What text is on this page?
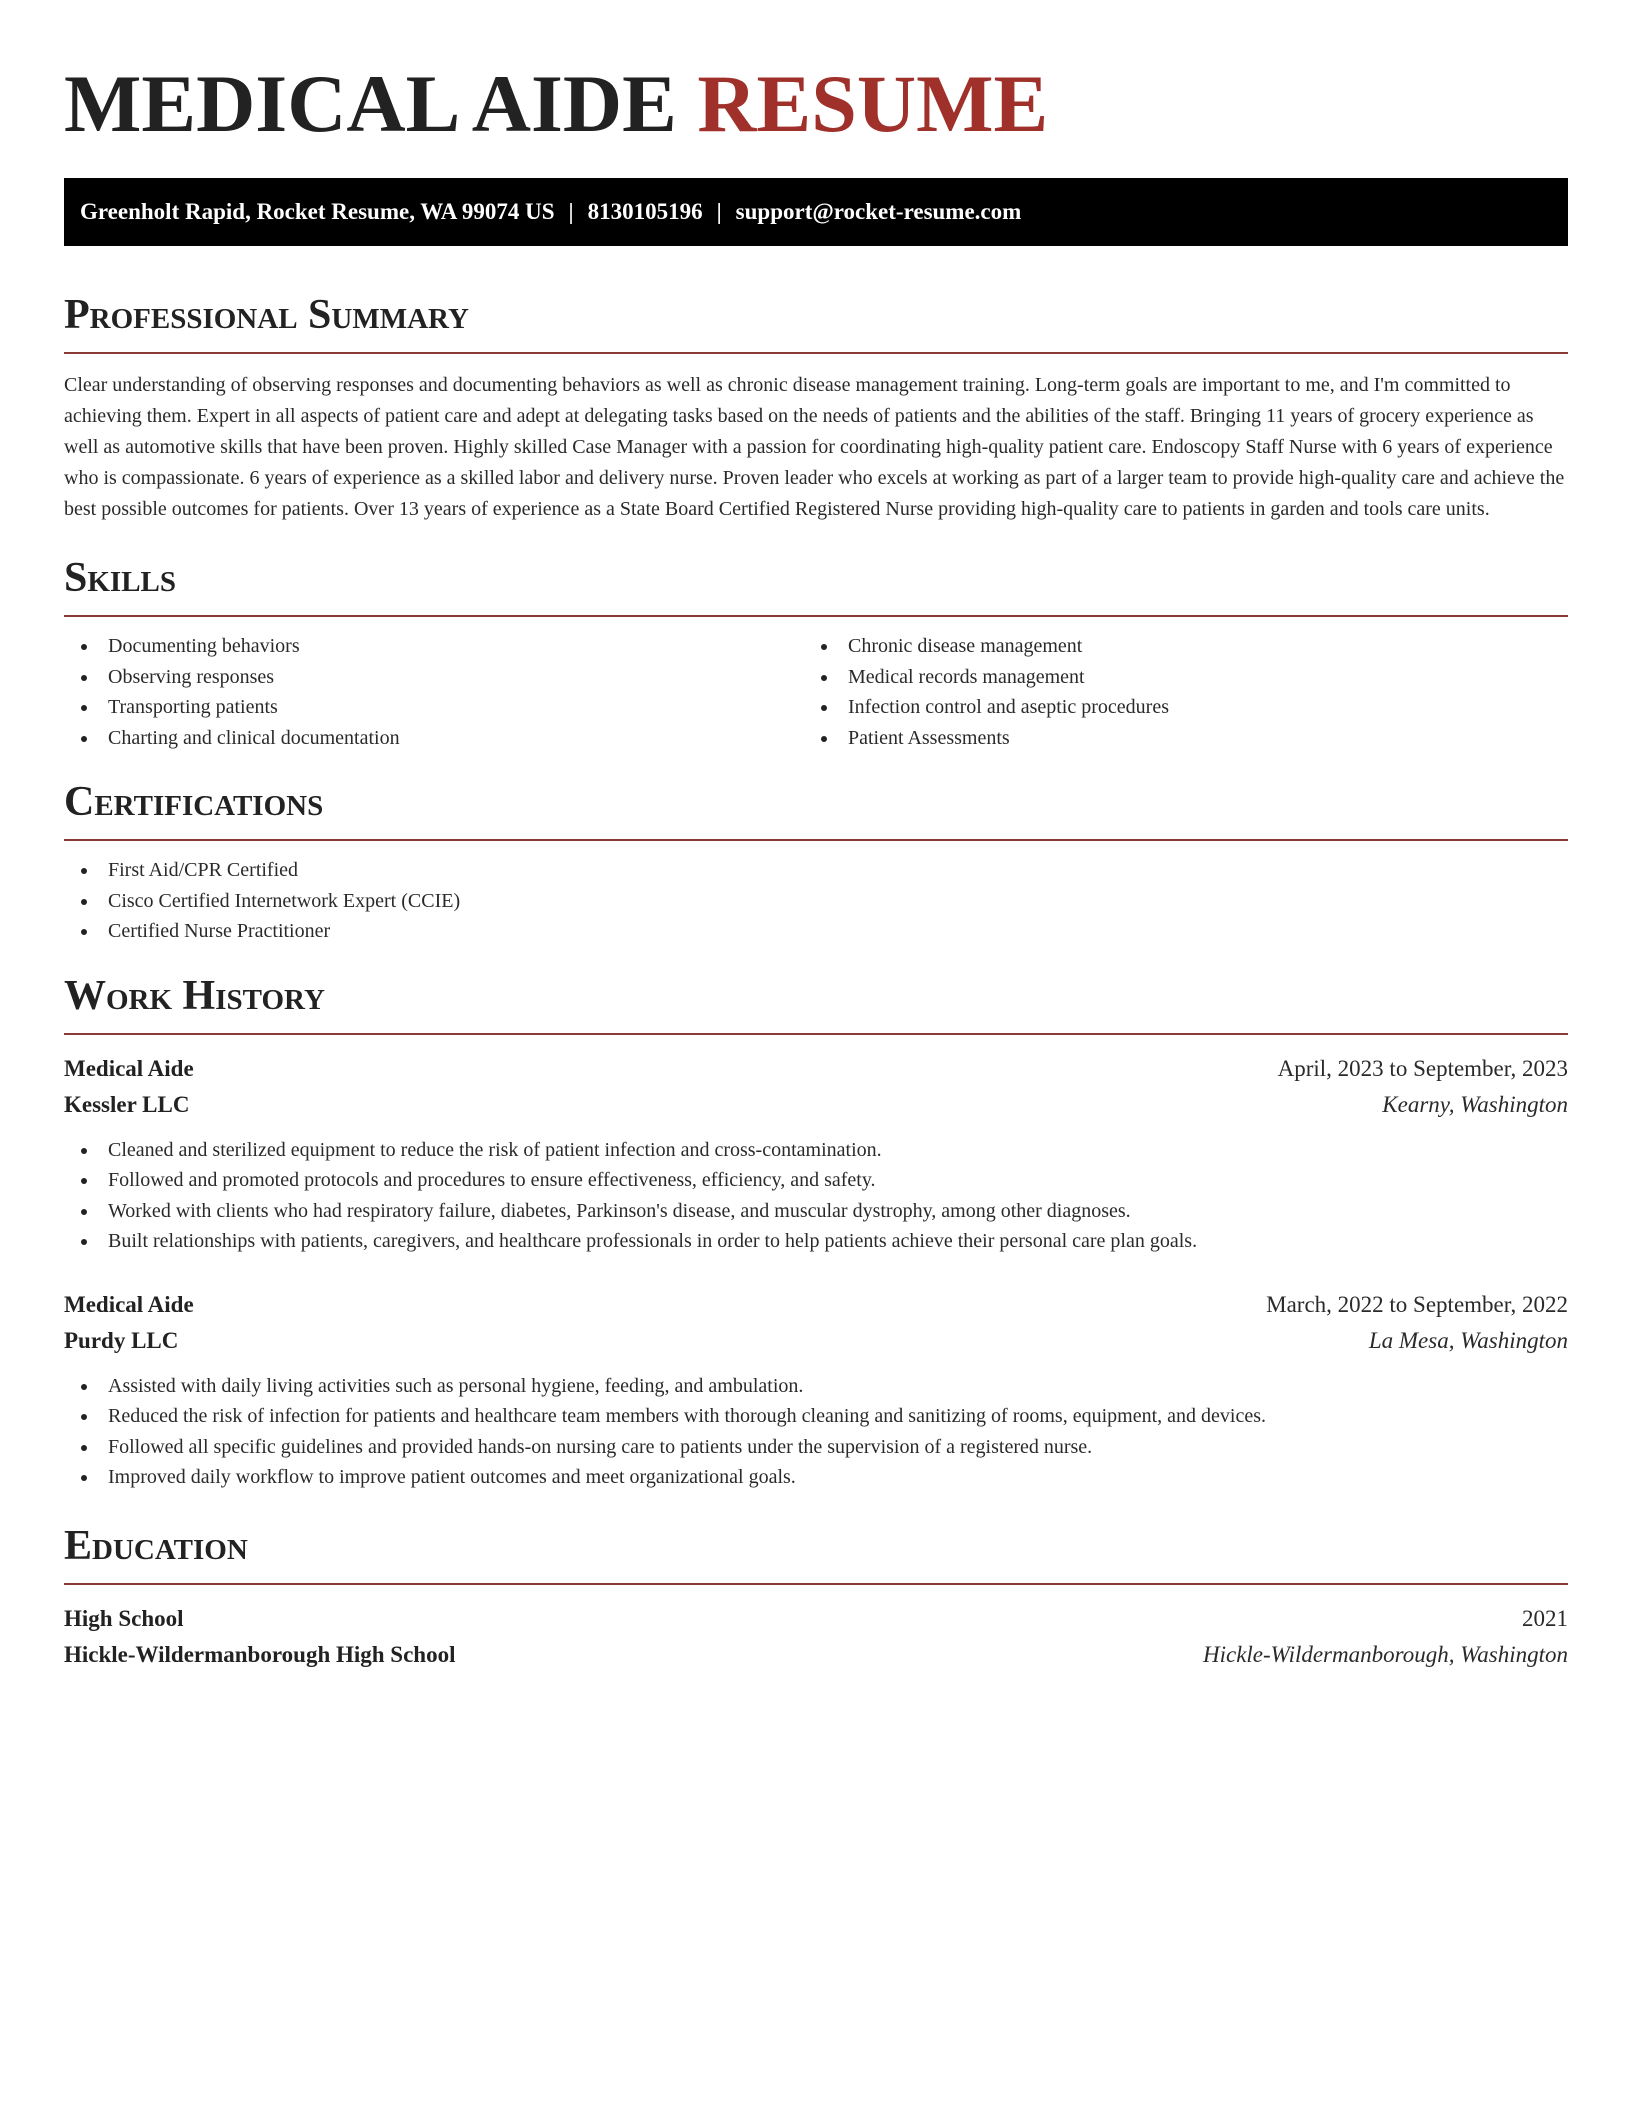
MEDICAL AIDE RESUME
Greenholt Rapid, Rocket Resume, WA 99074 US | 8130105196 | support@rocket-resume.com
Professional Summary

Clear understanding of observing responses and documenting behaviors as well as chronic disease management training. Long-term goals are important to me, and I'm committed to achieving them. Expert in all aspects of patient care and adept at delegating tasks based on the needs of patients and the abilities of the staff. Bringing 11 years of grocery experience as well as automotive skills that have been proven. Highly skilled Case Manager with a passion for coordinating high-quality patient care. Endoscopy Staff Nurse with 6 years of experience who is compassionate. 6 years of experience as a skilled labor and delivery nurse. Proven leader who excels at working as part of a larger team to provide high-quality care and achieve the best possible outcomes for patients. Over 13 years of experience as a State Board Certified Registered Nurse providing high-quality care to patients in garden and tools care units.

Skills
Documenting behaviors
Observing responses
Transporting patients
Charting and clinical documentation
Chronic disease management
Medical records management
Infection control and aseptic procedures
Patient Assessments
Certifications
First Aid/CPR Certified
Cisco Certified Internetwork Expert (CCIE)
Certified Nurse Practitioner
Work History
Medical Aide	April, 2023 to September, 2023
Kessler LLC	Kearny, Washington
Cleaned and sterilized equipment to reduce the risk of patient infection and cross-contamination.
Followed and promoted protocols and procedures to ensure effectiveness, efficiency, and safety.
Worked with clients who had respiratory failure, diabetes, Parkinson's disease, and muscular dystrophy, among other diagnoses.
Built relationships with patients, caregivers, and healthcare professionals in order to help patients achieve their personal care plan goals.
Medical Aide	March, 2022 to September, 2022
Purdy LLC	La Mesa, Washington
Assisted with daily living activities such as personal hygiene, feeding, and ambulation.
Reduced the risk of infection for patients and healthcare team members with thorough cleaning and sanitizing of rooms, equipment, and devices.
Followed all specific guidelines and provided hands-on nursing care to patients under the supervision of a registered nurse.
Improved daily workflow to improve patient outcomes and meet organizational goals.
Education
High School	2021
Hickle-Wildermanborough High School	Hickle-Wildermanborough, Washington
